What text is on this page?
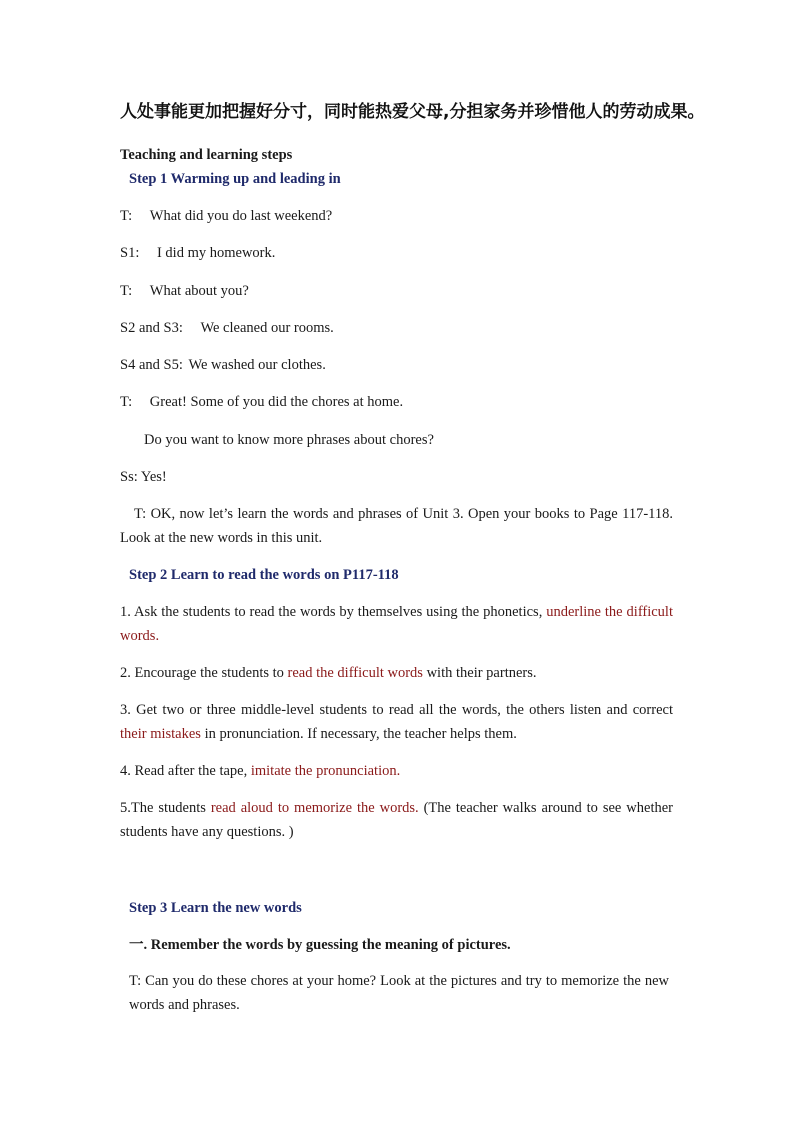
人处事能更加把握好分寸，同时能热爱父母,分担家务并珍惜他人的劳动成果。
Teaching and learning steps
Step 1 Warming up and leading in
T: What did you do last weekend?
S1: I did my homework.
T: What about you?
S2 and S3: We cleaned our rooms.
S4 and S5: We washed our clothes.
T: Great! Some of you did the chores at home.
Do you want to know more phrases about chores?
Ss: Yes!
T: OK, now let’s learn the words and phrases of Unit 3. Open your books to Page 117-118. Look at the new words in this unit.
Step 2 Learn to read the words on P117-118
1. Ask the students to read the words by themselves using the phonetics, underline the difficult words.
2. Encourage the students to read the difficult words with their partners.
3. Get two or three middle-level students to read all the words, the others listen and correct their mistakes in pronunciation. If necessary, the teacher helps them.
4. Read after the tape, imitate the pronunciation.
5.The students read aloud to memorize the words. (The teacher walks around to see whether students have any questions. )
Step 3 Learn the new words
一. Remember the words by guessing the meaning of pictures.
T: Can you do these chores at your home? Look at the pictures and try to memorize the new words and phrases.
